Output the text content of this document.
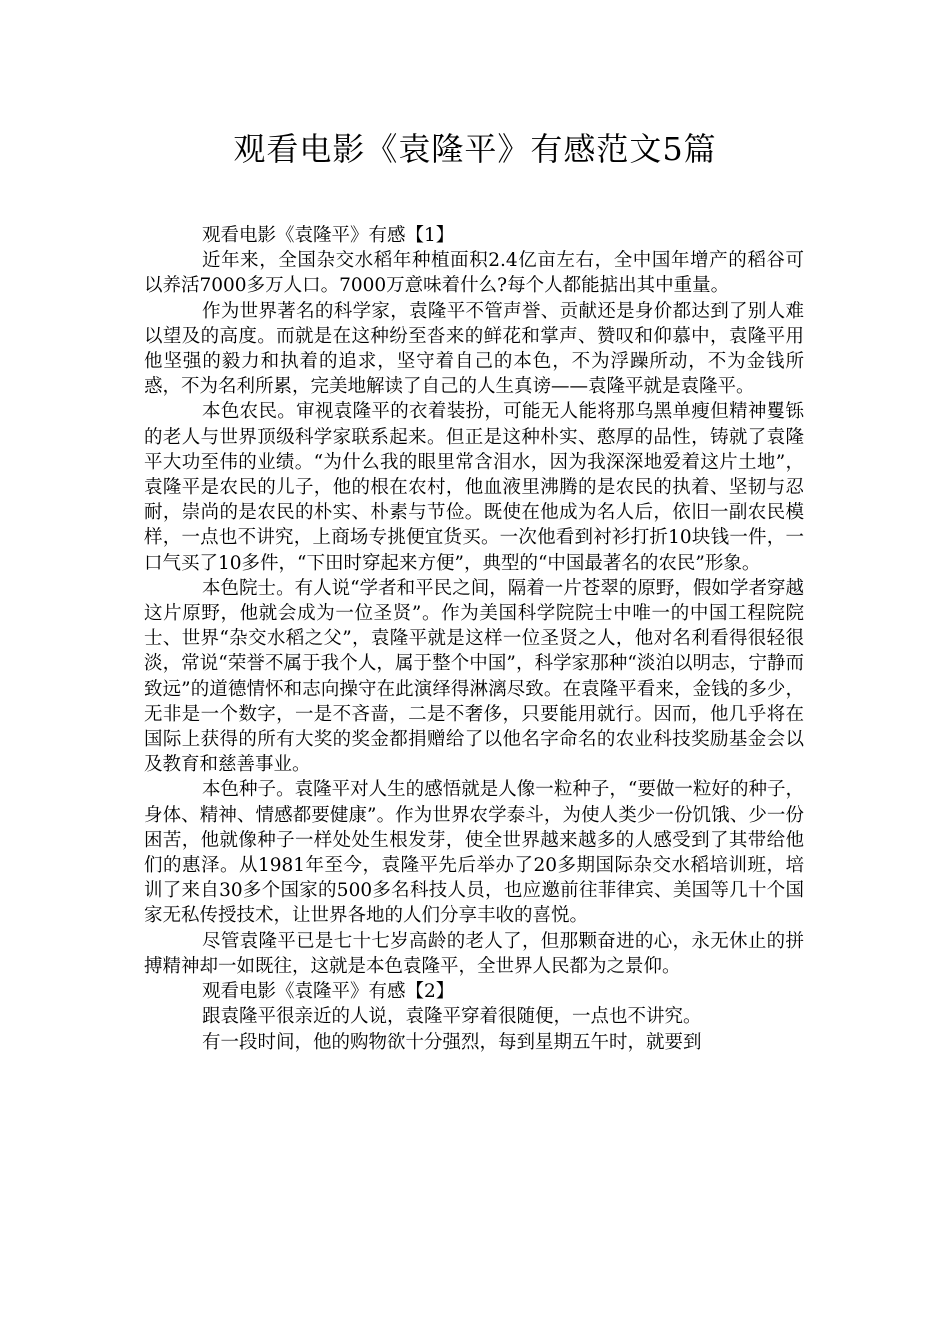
观看电影《袁隆平》有感范文5篇

观看电影《袁隆平》有感【1】

近年来，全国杂交水稻年种植面积2.4亿亩左右，全中国年增产的稻谷可以养活7000多万人口。7000万意味着什么?每个人都能掂出其中重量。

作为世界著名的科学家，袁隆平不管声誉、贡献还是身价都达到了别人难以望及的高度。而就是在这种纷至沓来的鲜花和掌声、赞叹和仰慕中，袁隆平用他坚强的毅力和执着的追求，坚守着自己的本色，不为浮躁所动，不为金钱所惑，不为名利所累，完美地解读了自己的人生真谤——袁隆平就是袁隆平。

本色农民。审视袁隆平的衣着装扮，可能无人能将那乌黑单瘦但精神矍铄的老人与世界顶级科学家联系起来。但正是这种朴实、憨厚的品性，铸就了袁隆平大功至伟的业绩。“为什么我的眼里常含泪水，因为我深深地爱着这片土地”，袁隆平是农民的儿子，他的根在农村，他血液里沸腾的是农民的执着、坚韧与忍耐，崇尚的是农民的朴实、朴素与节俭。既使在他成为名人后，依旧一副农民模样，一点也不讲究，上商场专挑便宜货买。一次他看到衬衫打折10块钱一件，一口气买了10多件，“下田时穿起来方便”，典型的“中国最著名的农民”形象。

本色院士。有人说“学者和平民之间，隔着一片苍翠的原野，假如学者穿越这片原野，他就会成为一位圣贤”。作为美国科学院院士中唯一的中国工程院院士、世界“杂交水稻之父”，袁隆平就是这样一位圣贤之人，他对名利看得很轻很淡，常说“荣誉不属于我个人，属于整个中国”，科学家那种“淡泊以明志，宁静而致远”的道德情怀和志向操守在此演绎得淋漓尽致。在袁隆平看来，金钱的多少，无非是一个数字，一是不吝啬，二是不奢侈，只要能用就行。因而，他几乎将在国际上获得的所有大奖的奖金都捐赠给了以他名字命名的农业科技奖励基金会以及教育和慈善事业。

本色种子。袁隆平对人生的感悟就是人像一粒种子，“要做一粒好的种子，身体、精神、情感都要健康”。作为世界农学泰斗，为使人类少一份饥饿、少一份困苦，他就像种子一样处处生根发芽，使全世界越来越多的人感受到了其带给他们的惠泽。从1981年至今，袁隆平先后举办了20多期国际杂交水稻培训班，培训了来自30多个国家的500多名科技人员，也应邀前往菲律宾、美国等几十个国家无私传授技术，让世界各地的人们分享丰收的喜悦。

尽管袁隆平已是七十七岁高龄的老人了，但那颗奋进的心，永无休止的拼搏精神却一如既往，这就是本色袁隆平，全世界人民都为之景仰。

观看电影《袁隆平》有感【2】

跟袁隆平很亲近的人说，袁隆平穿着很随便，一点也不讲究。

有一段时间，他的购物欲十分强烈，每到星期五午时，就要到
